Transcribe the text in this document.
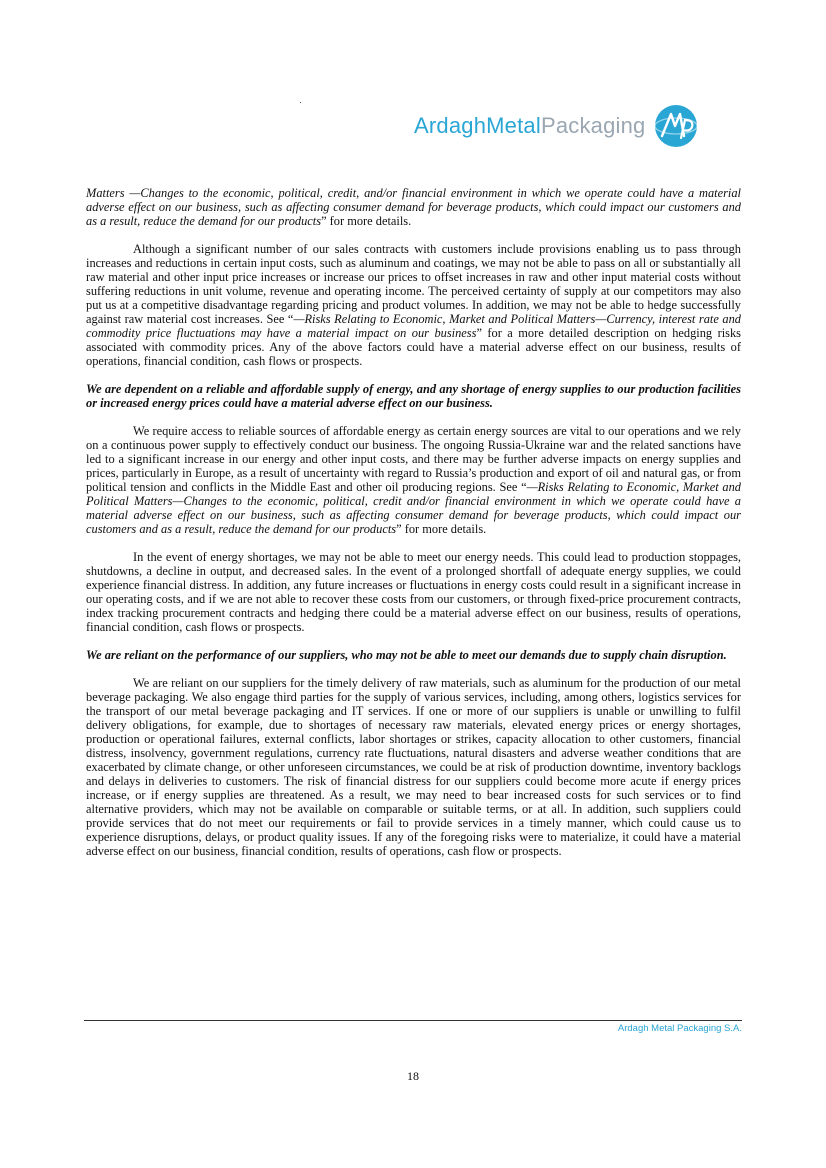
ArdaghMetalPackaging

Matters —Changes to the economic, political, credit, and/or financial environment in which we operate could have a material adverse effect on our business, such as affecting consumer demand for beverage products, which could impact our customers and as a result, reduce the demand for our products” for more details.

Although a significant number of our sales contracts with customers include provisions enabling us to pass through increases and reductions in certain input costs, such as aluminum and coatings, we may not be able to pass on all or substantially all raw material and other input price increases or increase our prices to offset increases in raw and other input material costs without suffering reductions in unit volume, revenue and operating income. The perceived certainty of supply at our competitors may also put us at a competitive disadvantage regarding pricing and product volumes. In addition, we may not be able to hedge successfully against raw material cost increases. See “—Risks Relating to Economic, Market and Political Matters—Currency, interest rate and commodity price fluctuations may have a material impact on our business” for a more detailed description on hedging risks associated with commodity prices. Any of the above factors could have a material adverse effect on our business, results of operations, financial condition, cash flows or prospects.

We are dependent on a reliable and affordable supply of energy, and any shortage of energy supplies to our production facilities or increased energy prices could have a material adverse effect on our business.

We require access to reliable sources of affordable energy as certain energy sources are vital to our operations and we rely on a continuous power supply to effectively conduct our business. The ongoing Russia-Ukraine war and the related sanctions have led to a significant increase in our energy and other input costs, and there may be further adverse impacts on energy supplies and prices, particularly in Europe, as a result of uncertainty with regard to Russia’s production and export of oil and natural gas, or from political tension and conflicts in the Middle East and other oil producing regions. See “—Risks Relating to Economic, Market and Political Matters—Changes to the economic, political, credit and/or financial environment in which we operate could have a material adverse effect on our business, such as affecting consumer demand for beverage products, which could impact our customers and as a result, reduce the demand for our products” for more details.

In the event of energy shortages, we may not be able to meet our energy needs. This could lead to production stoppages, shutdowns, a decline in output, and decreased sales. In the event of a prolonged shortfall of adequate energy supplies, we could experience financial distress. In addition, any future increases or fluctuations in energy costs could result in a significant increase in our operating costs, and if we are not able to recover these costs from our customers, or through fixed-price procurement contracts, index tracking procurement contracts and hedging there could be a material adverse effect on our business, results of operations, financial condition, cash flows or prospects.

We are reliant on the performance of our suppliers, who may not be able to meet our demands due to supply chain disruption.

We are reliant on our suppliers for the timely delivery of raw materials, such as aluminum for the production of our metal beverage packaging. We also engage third parties for the supply of various services, including, among others, logistics services for the transport of our metal beverage packaging and IT services. If one or more of our suppliers is unable or unwilling to fulfil delivery obligations, for example, due to shortages of necessary raw materials, elevated energy prices or energy shortages, production or operational failures, external conflicts, labor shortages or strikes, capacity allocation to other customers, financial distress, insolvency, government regulations, currency rate fluctuations, natural disasters and adverse weather conditions that are exacerbated by climate change, or other unforeseen circumstances, we could be at risk of production downtime, inventory backlogs and delays in deliveries to customers. The risk of financial distress for our suppliers could become more acute if energy prices increase, or if energy supplies are threatened. As a result, we may need to bear increased costs for such services or to find alternative providers, which may not be available on comparable or suitable terms, or at all. In addition, such suppliers could provide services that do not meet our requirements or fail to provide services in a timely manner, which could cause us to experience disruptions, delays, or product quality issues. If any of the foregoing risks were to materialize, it could have a material adverse effect on our business, financial condition, results of operations, cash flow or prospects.

Ardagh Metal Packaging S.A.
18
